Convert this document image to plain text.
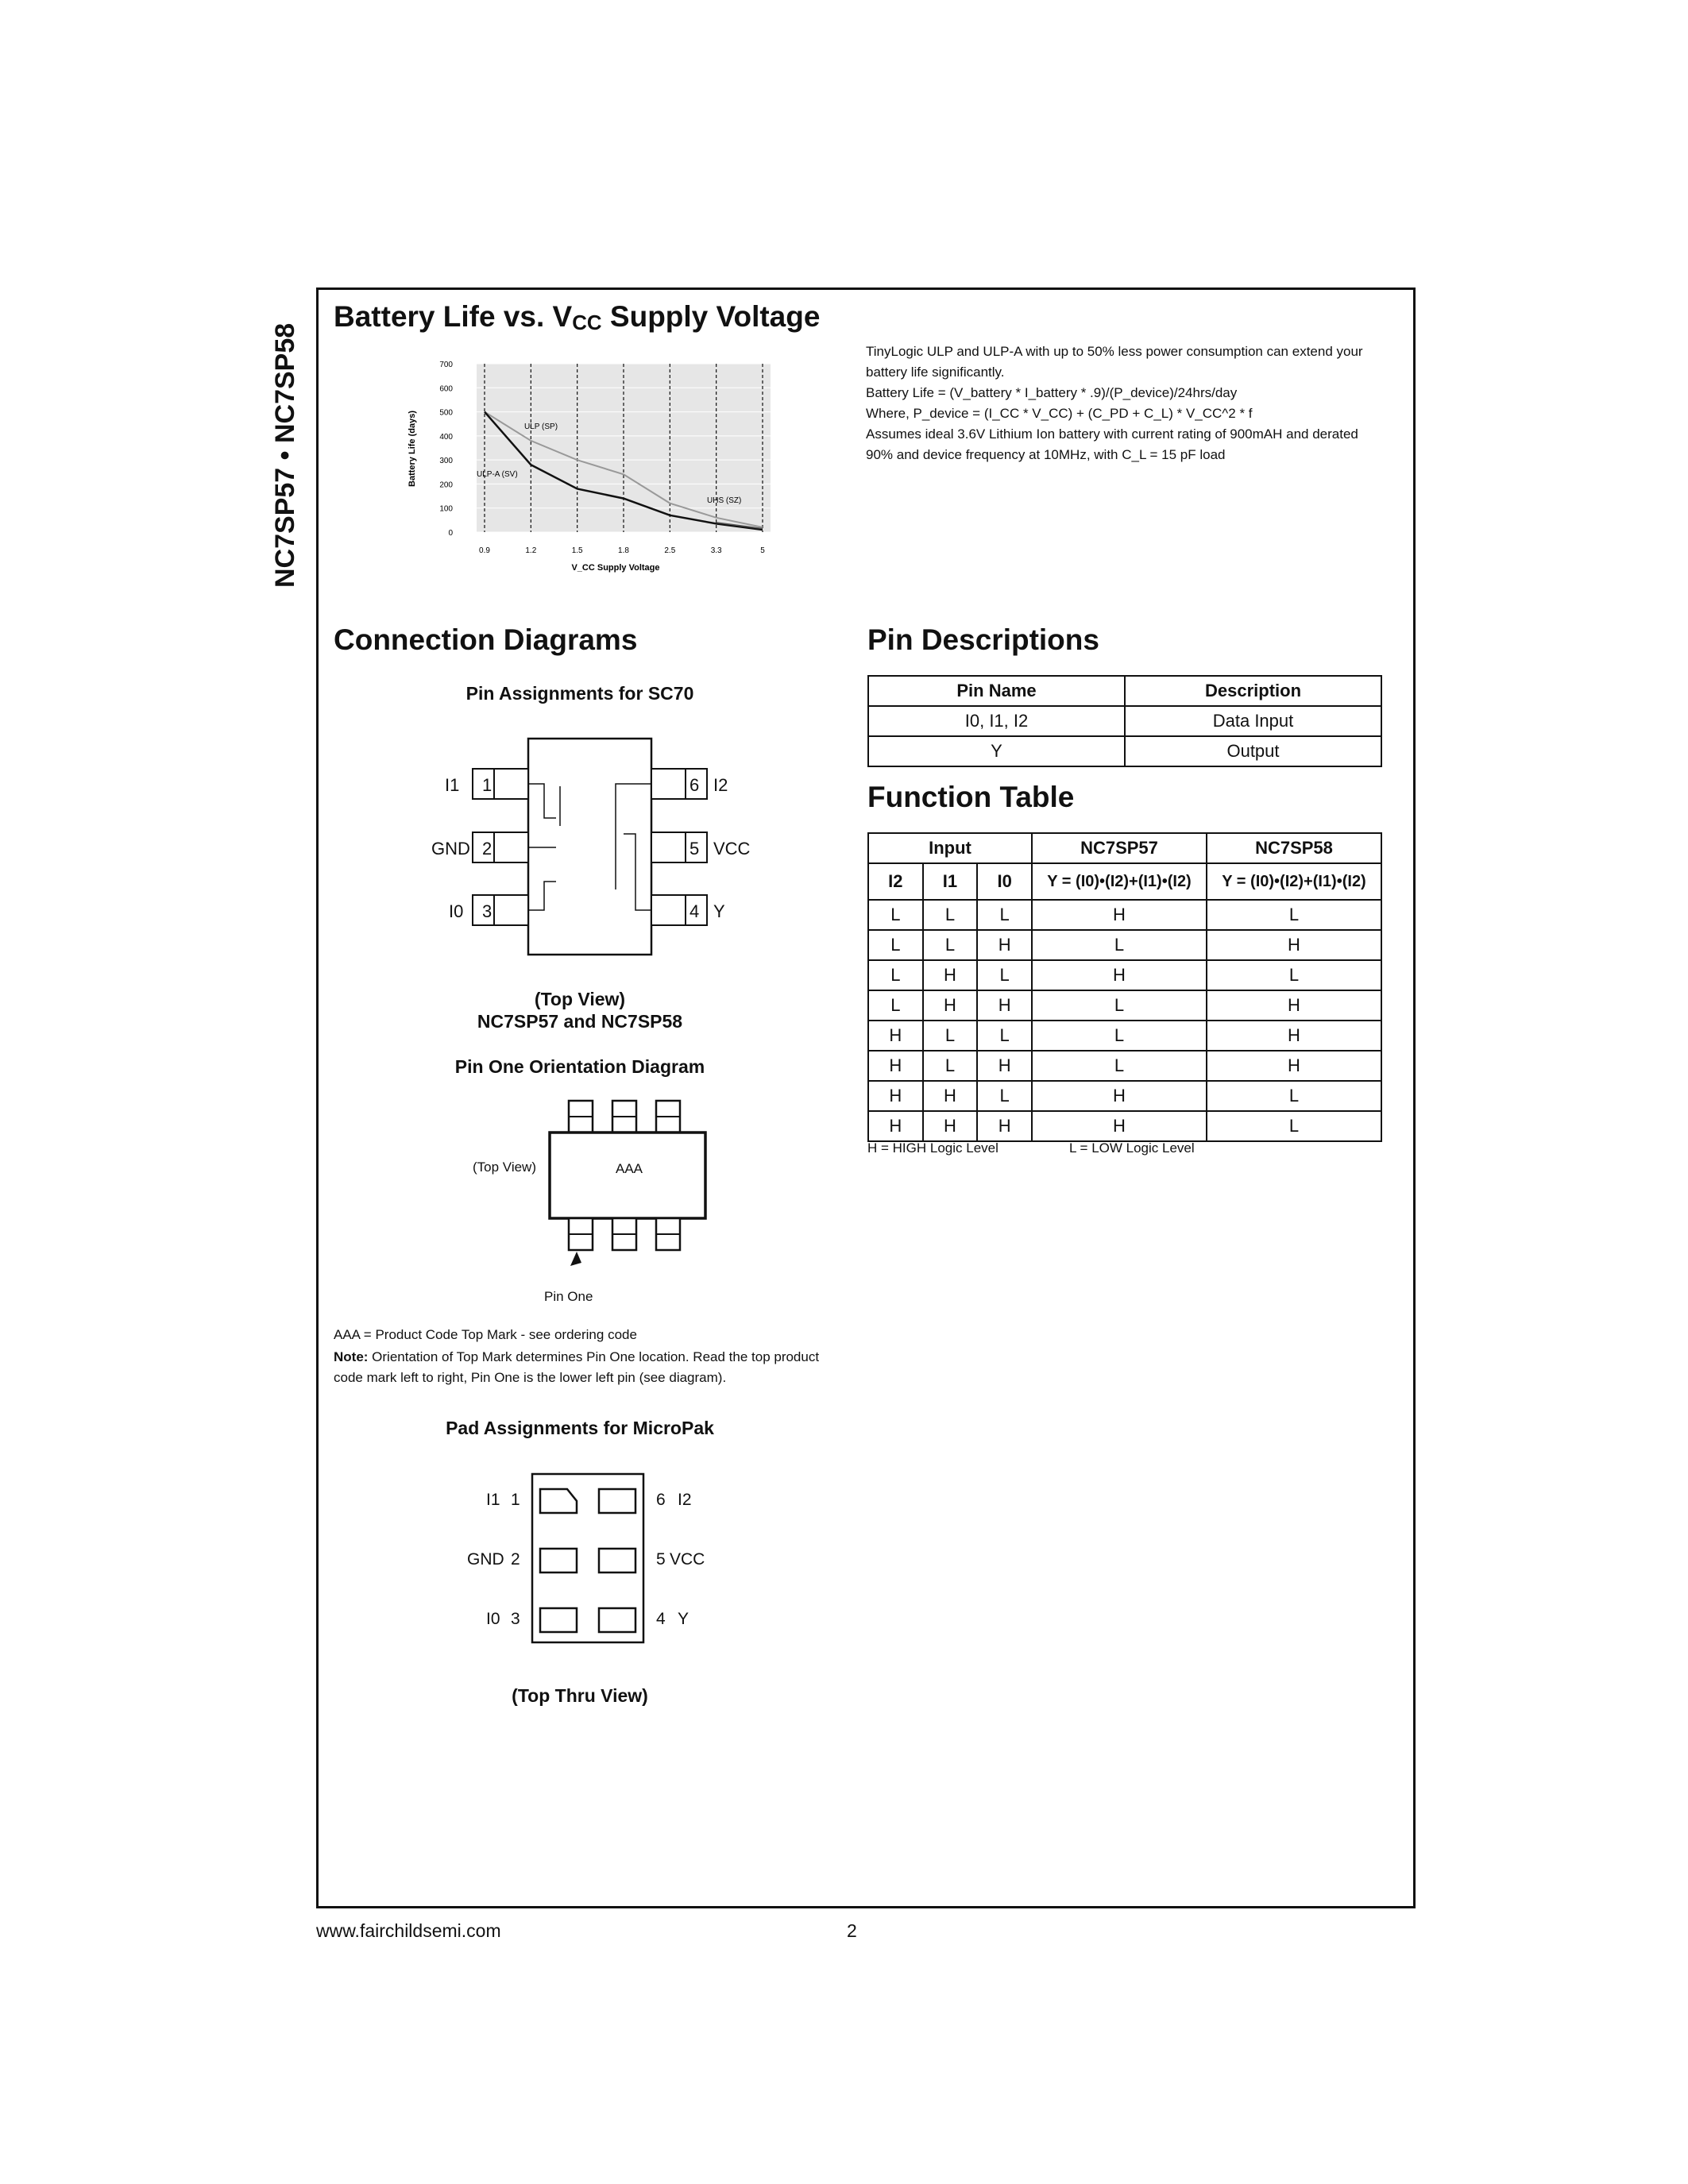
NC7SP57 • NC7SP58
Battery Life vs. $V_{CC}$ Supply Voltage
0
100
200
300
400
500
600
700
0.9	1.2	1.5	1.8	2.5	3.3	5
Battery Life (days)
V_CC Supply Voltage
ULP (SP)
ULP-A (SV)
UHS (SZ)
TinyLogic ULP and ULP-A with up to 50% less power consumption can extend your battery life significantly.
Battery Life = (V_battery * I_battery * .9)/(P_device)/24hrs/day
Where, P_device = (I_CC * V_CC) + (C_PD + C_L) * V_CC^2 * f
Assumes ideal 3.6V Lithium Ion battery with current rating of 900mAH and derated 90% and device frequency at 10MHz, with C_L = 15 pF load
Connection Diagrams
Pin Assignments for SC70
I1 1
GND 2
I0 3
6 I2
5 VCC
4 Y
(Top View)
NC7SP57 and NC7SP58
Pin One Orientation Diagram
(Top View)	AAA
Pin One
AAA = Product Code Top Mark - see ordering code
Note: Orientation of Top Mark determines Pin One location. Read the top product code mark left to right, Pin One is the lower left pin (see diagram).
Pad Assignments for MicroPak
I1 1
GND 2
I0 3
6 I2
5 VCC
4 Y
(Top Thru View)
Pin Descriptions
Pin Name	Description
I0, I1, I2	Data Input
Y	Output
Function Table
Input			NC7SP57	NC7SP58
I2	I1	I0	Y = (I0)•(I2)+(I1)•(I2)	Y = (I0)•(I2)+(I1)•(I2)
L	L	L	H	L
L	L	H	L	H
L	H	L	H	L
L	H	H	L	H
H	L	L	L	H
H	L	H	L	H
H	H	L	H	L
H	H	H	H	L
H = HIGH Logic Level	L = LOW Logic Level
www.fairchildsemi.com	2
